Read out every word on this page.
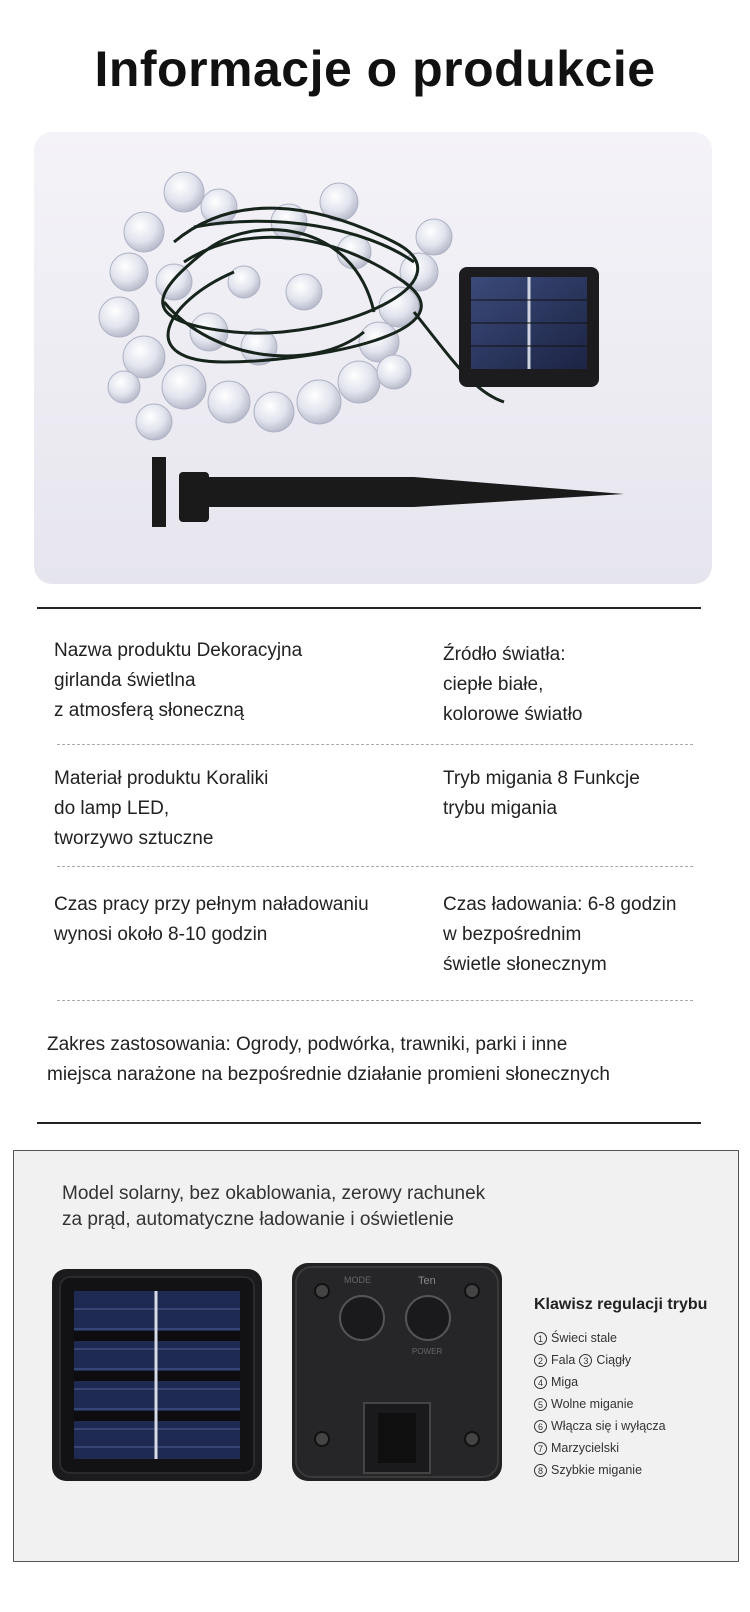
Informacje o produkcie
Nazwa produktu Dekoracyjna
girlanda świetlna
z atmosferą słoneczną
Źródło światła:
ciepłe białe,
kolorowe światło
Materiał produktu Koraliki
do lamp LED,
tworzywo sztuczne
Tryb migania 8 Funkcje
trybu migania
Czas pracy przy pełnym naładowaniu
wynosi około 8-10 godzin
Czas ładowania: 6-8 godzin
w bezpośrednim
świetle słonecznym
Zakres zastosowania: Ogrody, podwórka, trawniki, parki i inne
miejsca narażone na bezpośrednie działanie promieni słonecznych
Model solarny, bez okablowania, zerowy rachunek
za prąd, automatyczne ładowanie i oświetlenie
MODE	Ten
POWER
Klawisz regulacji trybu
1 Świeci stale
2 Fala 3 Ciągły
4 Miga
5 Wolne miganie
6 Włącza się i wyłącza
7 Marzycielski
8 Szybkie miganie
